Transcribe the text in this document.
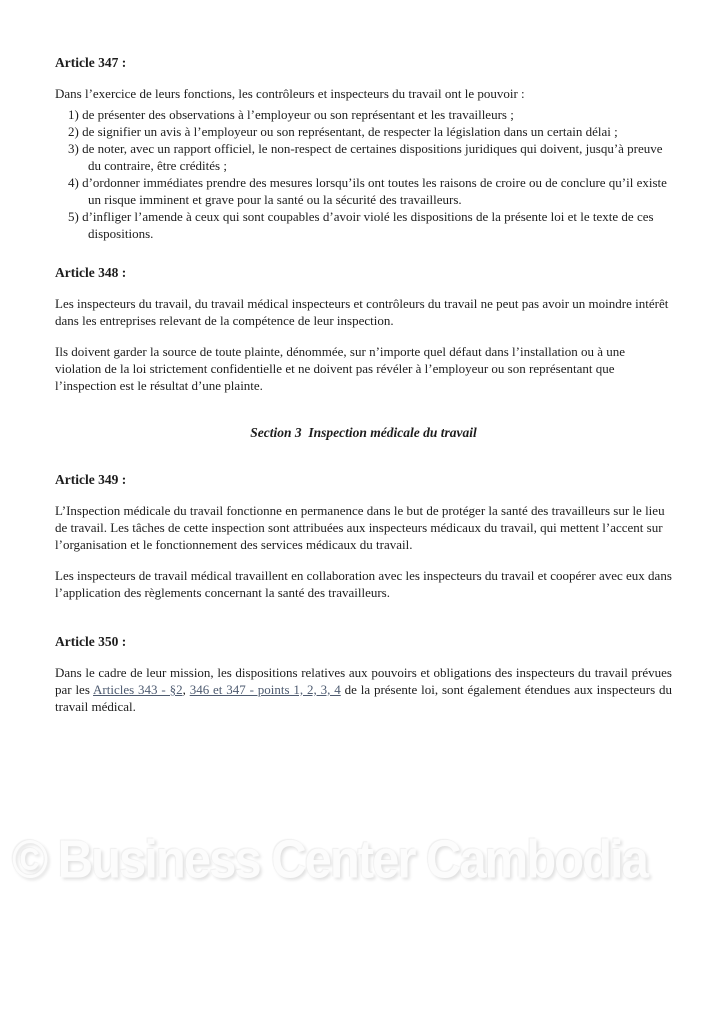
Article 347 :

Dans l’exercice de leurs fonctions, les contrôleurs et inspecteurs du travail ont le pouvoir :

1) de présenter des observations à l’employeur ou son représentant et les travailleurs ;
2) de signifier un avis à l’employeur ou son représentant, de respecter la législation dans un certain délai ;
3) de noter, avec un rapport officiel, le non-respect de certaines dispositions juridiques qui doivent, jusqu’à preuve du contraire, être crédités ;
4) d’ordonner immédiates prendre des mesures lorsqu’ils ont toutes les raisons de croire ou de conclure qu’il existe un risque imminent et grave pour la santé ou la sécurité des travailleurs.
5) d’infliger l’amende à ceux qui sont coupables d’avoir violé les dispositions de la présente loi et le texte de ces dispositions.

Article 348 :

Les inspecteurs du travail, du travail médical inspecteurs et contrôleurs du travail ne peut pas avoir un moindre intérêt dans les entreprises relevant de la compétence de leur inspection.

Ils doivent garder la source de toute plainte, dénommée, sur n’importe quel défaut dans l’installation ou à une violation de la loi strictement confidentielle et ne doivent pas révéler à l’employeur ou son représentant que l’inspection est le résultat d’une plainte.

Section 3  Inspection médicale du travail

Article 349 :

L’Inspection médicale du travail fonctionne en permanence dans le but de protéger la santé des travailleurs sur le lieu de travail. Les tâches de cette inspection sont attribuées aux inspecteurs médicaux du travail, qui mettent l’accent sur l’organisation et le fonctionnement des services médicaux du travail.

Les inspecteurs de travail médical travaillent en collaboration avec les inspecteurs du travail et coopérer avec eux dans l’application des règlements concernant la santé des travailleurs.

Article 350 :

Dans le cadre de leur mission, les dispositions relatives aux pouvoirs et obligations des inspecteurs du travail prévues par les Articles 343 - §2, 346 et 347 - points 1, 2, 3, 4 de la présente loi, sont également étendues aux inspecteurs du travail médical.

© Business Center Cambodia
